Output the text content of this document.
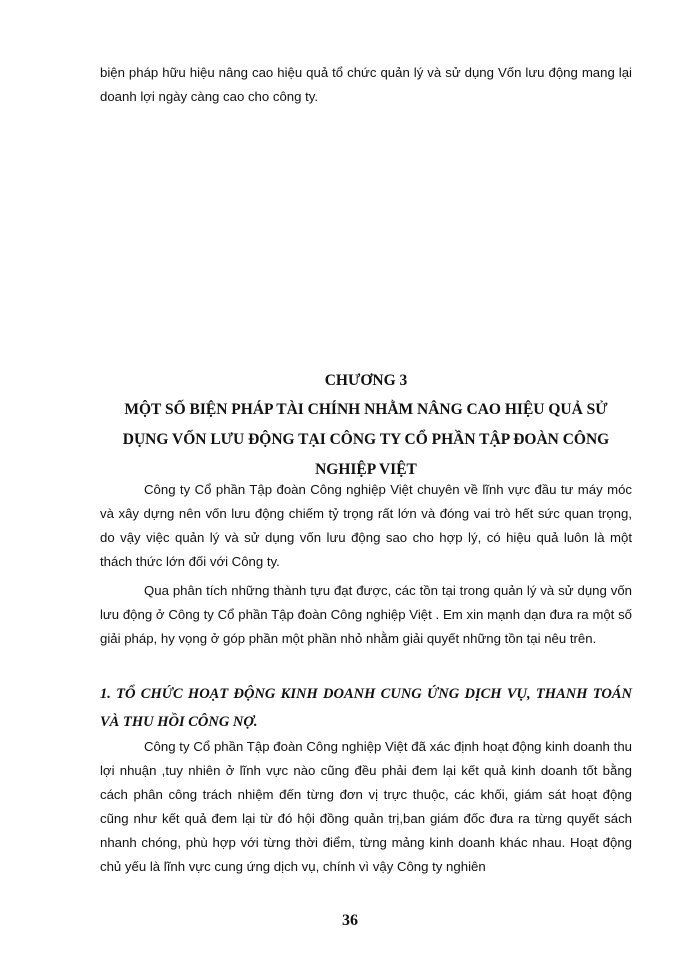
biện pháp hữu hiệu nâng cao hiệu quả tổ chức quản lý và sử dụng Vốn lưu động mang lại doanh lợi ngày càng cao cho công ty.

CHƯƠNG 3

MỘT SỐ BIỆN PHÁP TÀI CHÍNH NHẰM NÂNG CAO HIỆU QUẢ SỬ DỤNG VỐN LƯU ĐỘNG TẠI CÔNG TY CỔ PHẦN TẬP ĐOÀN CÔNG NGHIỆP VIỆT

Công ty Cổ phần Tập đoàn Công nghiệp Việt chuyên về lĩnh vực đầu tư máy móc và xây dựng nên vốn lưu động chiếm tỷ trọng rất lớn và đóng vai trò hết sức quan trọng, do vậy việc quản lý và sử dụng vốn lưu động sao cho hợp lý, có hiệu quả luôn là một thách thức lớn đối với Công ty.

Qua phân tích những thành tựu đạt được, các tồn tại trong quản lý và sử dụng vốn lưu động ở Công ty Cổ phần Tập đoàn Công nghiệp Việt . Em xin mạnh dạn đưa ra một số giải pháp, hy vọng ở góp phần một phần nhỏ nhằm giải quyết những tồn tại nêu trên.

1. TỔ CHỨC HOẠT ĐỘNG KINH DOANH CUNG ỨNG DỊCH VỤ, THANH TOÁN VÀ THU HỒI CÔNG NỢ.

Công ty Cổ phần Tập đoàn Công nghiệp Việt đã xác định hoạt động kinh doanh thu lợi nhuận ,tuy nhiên ở lĩnh vực nào cũng đều phải đem lại kết quả kinh doanh tốt bằng cách phân công trách nhiệm đến từng đơn vị trực thuộc, các khối, giám sát hoạt động cũng như kết quả đem lại từ đó hội đồng quản trị,ban giám đốc đưa ra từng quyết sách nhanh chóng, phù hợp với từng thời điểm, từng mảng kinh doanh khác nhau. Hoạt động chủ yếu là lĩnh vực cung ứng dịch vụ, chính vì vậy Công ty nghiên

36
